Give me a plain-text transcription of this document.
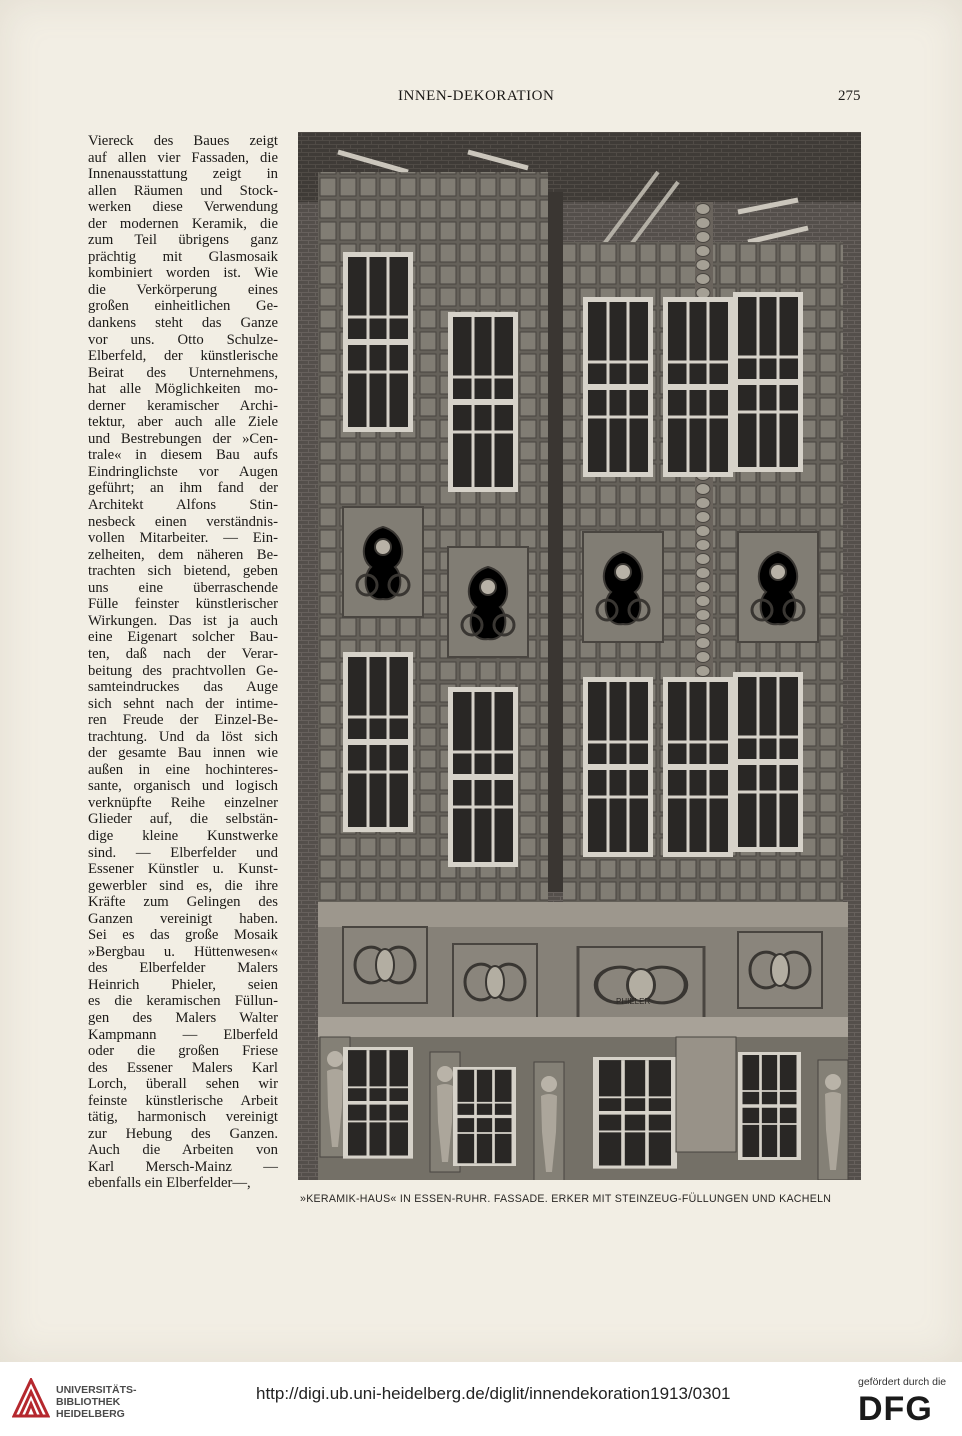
INNEN-DEKORATION	275
Viereck des Baues zeigt
auf allen vier Fassaden, die
Innenausstattung zeigt in
allen Räumen und Stock-
werken diese Verwendung
der modernen Keramik, die
zum Teil übrigens ganz
prächtig mit Glasmosaik
kombiniert worden ist. Wie
die Verkörperung eines
großen einheitlichen Ge-
dankens steht das Ganze
vor uns. Otto Schulze-
Elberfeld, der künstlerische
Beirat des Unternehmens,
hat alle Möglichkeiten mo-
derner keramischer Archi-
tektur, aber auch alle Ziele
und Bestrebungen der »Cen-
trale« in diesem Bau aufs
Eindringlichste vor Augen
geführt; an ihm fand der
Architekt Alfons Stin-
nesbeck einen verständnis-
vollen Mitarbeiter. — Ein-
zelheiten, dem näheren Be-
trachten sich bietend, geben
uns eine überraschende
Fülle feinster künstlerischer
Wirkungen. Das ist ja auch
eine Eigenart solcher Bau-
ten, daß nach der Verar-
beitung des prachtvollen Ge-
samteindruckes das Auge
sich sehnt nach der intime-
ren Freude der Einzel-Be-
trachtung. Und da löst sich
der gesamte Bau innen wie
außen in eine hochinteres-
sante, organisch und logisch
verknüpfte Reihe einzelner
Glieder auf, die selbstän-
dige kleine Kunstwerke
sind. — Elberfelder und
Essener Künstler u. Kunst-
gewerbler sind es, die ihre
Kräfte zum Gelingen des
Ganzen vereinigt haben.
Sei es das große Mosaik
»Bergbau u. Hüttenwesen«
des Elberfelder Malers
Heinrich Phieler, seien
es die keramischen Füllun-
gen des Malers Walter
Kampmann — Elberfeld
oder die großen Friese
des Essener Malers Karl
Lorch, überall sehen wir
feinste künstlerische Arbeit
tätig, harmonisch vereinigt
zur Hebung des Ganzen.
Auch die Arbeiten von
Karl Mersch-Mainz —
ebenfalls ein Elberfelder—,
PHIELER
»KERAMIK-HAUS« IN ESSEN-RUHR. FASSADE. ERKER MIT STEINZEUG-FÜLLUNGEN UND KACHELN
UNIVERSITÄTS-
BIBLIOTHEK
HEIDELBERG
http://digi.ub.uni-heidelberg.de/diglit/innendekoration1913/0301
gefördert durch die
DFG
